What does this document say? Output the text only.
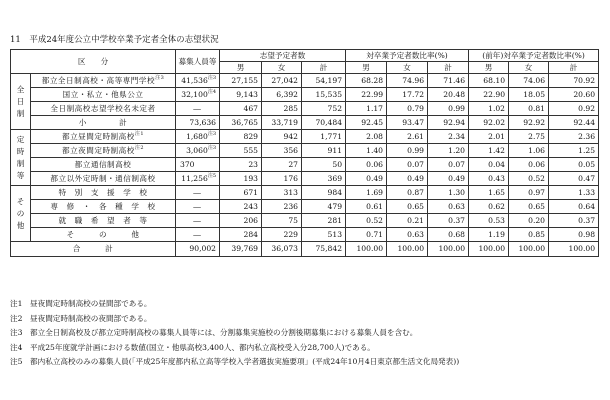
11　平成24年度公立中学校卒業予定者全体の志望状況
区　　分		募集人員等	志望予定者数			対卒業予定者数比率(%)			(前年)対卒業予定者数比率(%)		
			男	女	計	男	女	計	男	女	計
全日制	都立全日制高校・高等専門学校$^{注3}$	41,536$^{注3}$	27,155	27,042	54,197	68.28	74.96	71.46	68.10	74.06	70.92
	国立・私立・他県公立	32,100$^{注4}$	9,143	6,392	15,535	22.99	17.72	20.48	22.90	18.05	20.60
	全日制高校志望学校名未定者	―	467	285	752	1.17	0.79	0.99	1.02	0.81	0.92
	小　　　　計	73,636	36,765	33,719	70,484	92.45	93.47	92.94	92.02	92.92	92.44
定時制等	都立昼間定時制高校$^{注1}$	1,680$^{注3}$	829	942	1,771	2.08	2.61	2.34	2.01	2.75	2.36
	都立夜間定時制高校$^{注2}$	3,060$^{注3}$	555	356	911	1.40	0.99	1.20	1.42	1.06	1.25
	都立通信制高校	370	23	27	50	0.06	0.07	0.07	0.04	0.06	0.05
	都立以外定時制・通信制高校	11,256$^{注5}$	193	176	369	0.49	0.49	0.49	0.43	0.52	0.47
その他	特　別　支　援　学　校	―	671	313	984	1.69	0.87	1.30	1.65	0.97	1.33
	専　修　・　各　種　学　校	―	243	236	479	0.61	0.65	0.63	0.62	0.65	0.64
	就　職　希　望　者　等	―	206	75	281	0.52	0.21	0.37	0.53	0.20	0.37
	そ　　　の　　　他	―	284	229	513	0.71	0.63	0.68	1.19	0.85	0.98
合　　　計		90,002	39,769	36,073	75,842	100.00	100.00	100.00	100.00	100.00	100.00
注1　昼夜間定時制高校の昼間部である。
注2　昼夜間定時制高校の夜間部である。
注3　都立全日制高校及び都立定時制高校の募集人員等には、分割募集実施校の分割後期募集における募集人員を含む。
注4　平成25年度就学計画における数値(国立・他県高校3,400人、都内私立高校受入分28,700人)である。
注5　都内私立高校のみの募集人員(「平成25年度都内私立高等学校入学者選抜実施要項」(平成24年10月4日東京都生活文化局発表))
